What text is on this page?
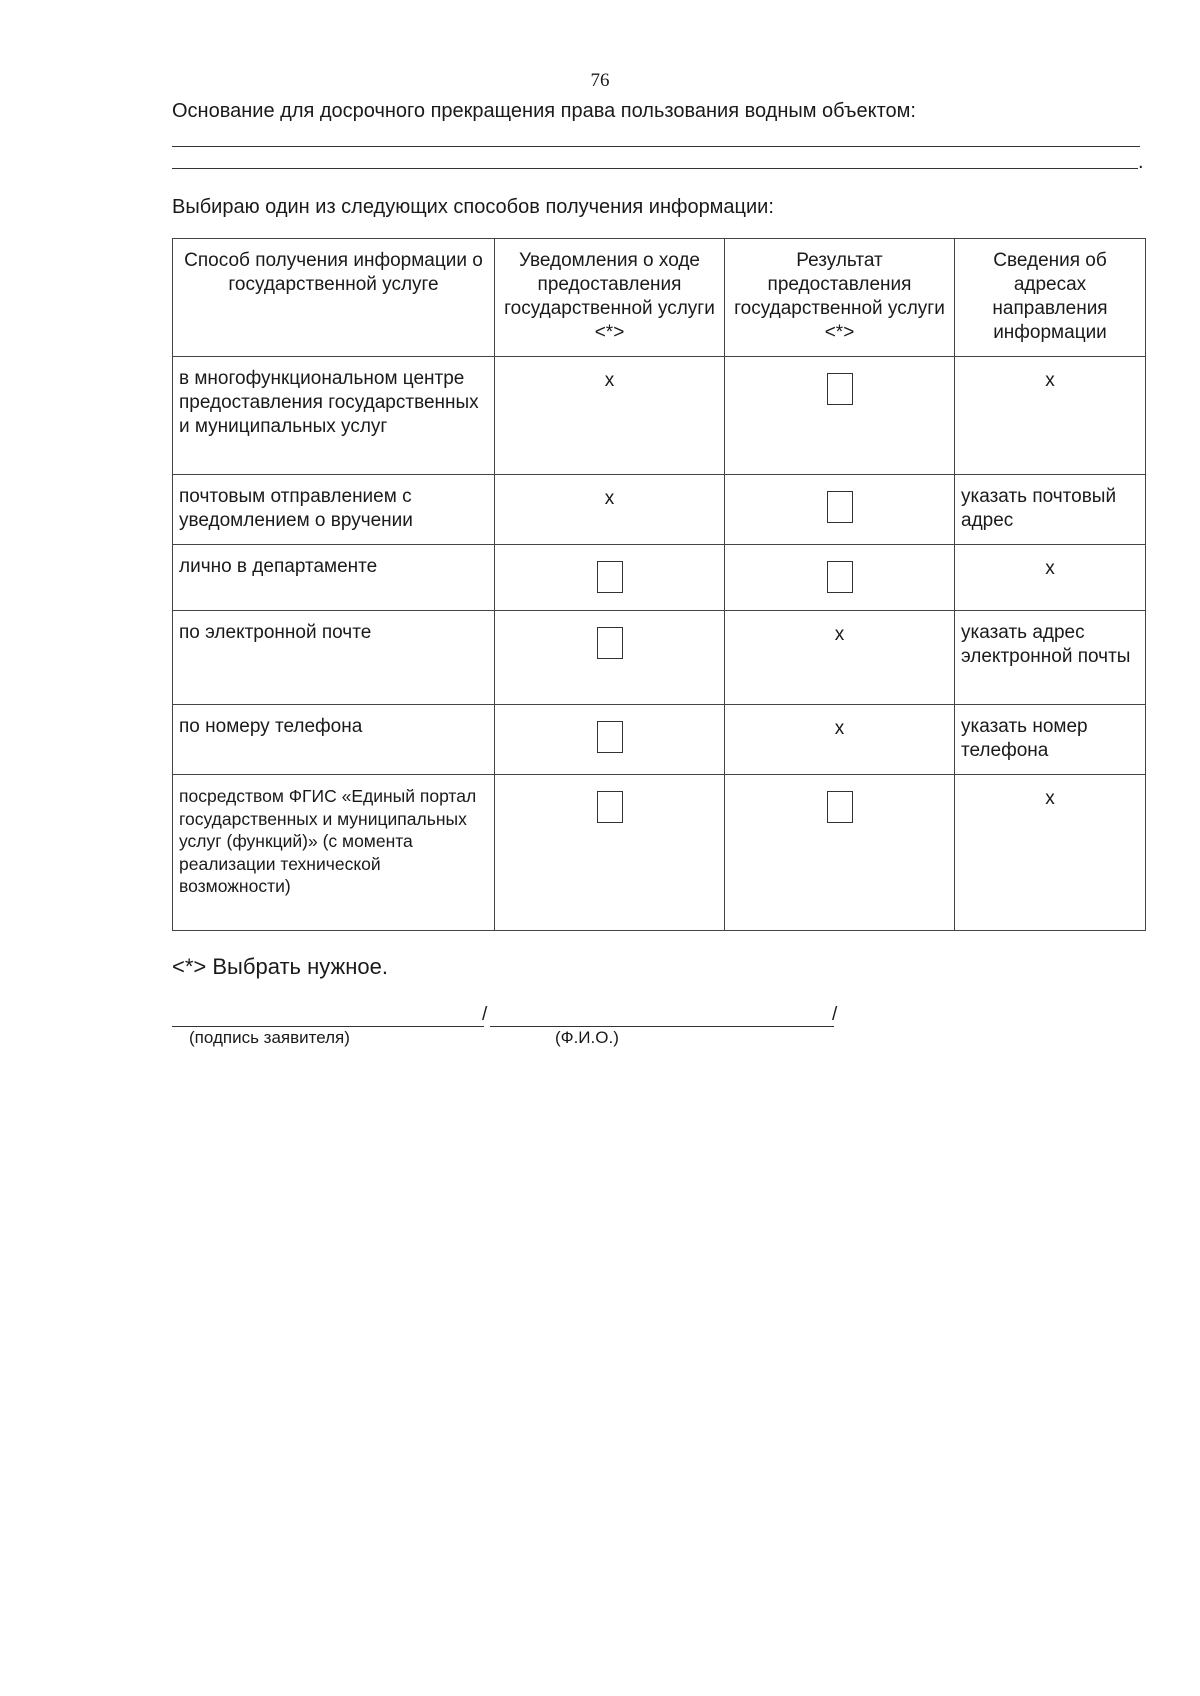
76
Основание для досрочного прекращения права пользования водным объектом:
.
Выбираю один из следующих способов получения информации:
Способ получения информации о государственной услуге	Уведомления о ходе предоставления государственной услуги <*>	Результат предоставления государственной услуги <*>	Сведения об адресах направления информации
в многофункциональном центре предоставления государственных и муниципальных услуг	x		x

почтовым отправлением с уведомлением о вручении	x		указать почтовый адрес
лично в департаменте			x

по электронной почте		x	указать адрес электронной почты
по номеру телефона		x	указать номер телефона
посредством ФГИС «Единый портал государственных и муниципальных услуг (функций)» (с момента реализации технической возможности)			x
<*> Выбрать нужное.
/	/
(подпись заявителя)	(Ф.И.О.)
